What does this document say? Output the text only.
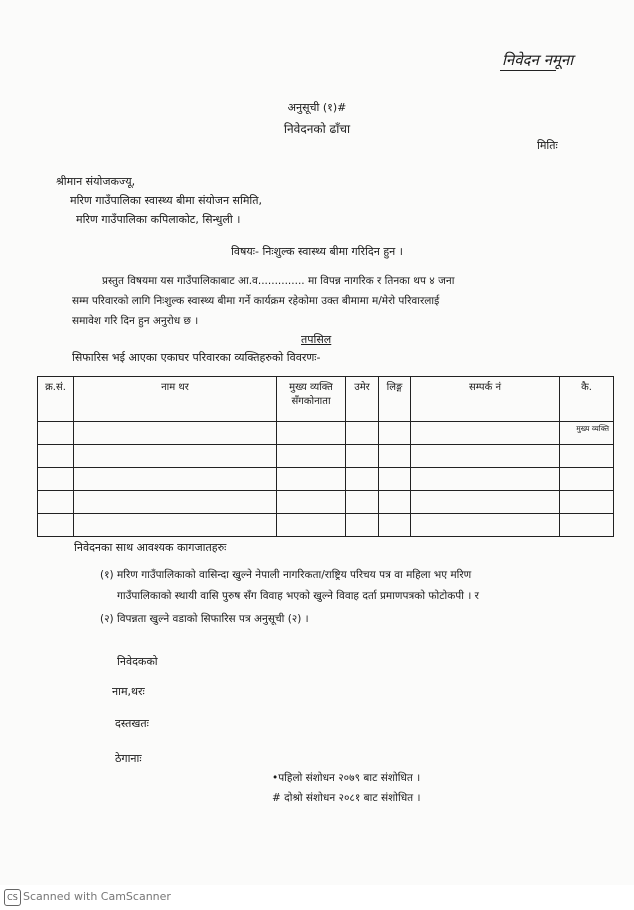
निवेदन नमूना
अनुसूची (१)#
निवेदनको ढाँचा
मितिः
श्रीमान संयोजकज्यू,
मरिण गाउँपालिका स्वास्थ्य बीमा संयोजन समिति,
मरिण गाउँपालिका कपिलाकोट, सिन्धुली ।
विषयः- निःशुल्क स्वास्थ्य बीमा गरिदिन हुन ।
प्रस्तुत विषयमा यस गाउँपालिकाबाट आ.व.............. मा विपन्न नागरिक र तिनका थप ४ जना
सम्म परिवारको लागि निःशुल्क स्वास्थ्य बीमा गर्ने कार्यक्रम रहेकोमा उक्त बीमामा म/मेरो परिवारलाई
समावेश गरि दिन हुन अनुरोध छ ।
तपसिल
सिफारिस भई आएका एकाघर परिवारका व्यक्तिहरुको विवरणः-
क्र.सं.	नाम थर	मुख्य व्यक्ति सँगकोनाता	उमेर	लिङ्ग	सम्पर्क नं	कै.

						मुख्य व्यक्ति

निवेदनका साथ आवश्यक कागजातहरुः
(१) मरिण गाउँपालिकाको वासिन्दा खुल्ने नेपाली नागरिकता/राष्ट्रिय परिचय पत्र वा महिला भए मरिण
गाउँपालिकाको स्थायी वासि पुरुष सँग विवाह भएको खुल्ने विवाह दर्ता प्रमाणपत्रको फोटोकपी । र
(२) विपन्नता खुल्ने वडाको सिफारिस पत्र अनुसूची (२) ।
निवेदकको
नाम,थरः
दस्तखतः
ठेगानाः
•पहिलो संशोधन २०७९ बाट संशोधित ।
# दोश्रो संशोधन २०८१ बाट संशोधित ।
CS Scanned with CamScanner
